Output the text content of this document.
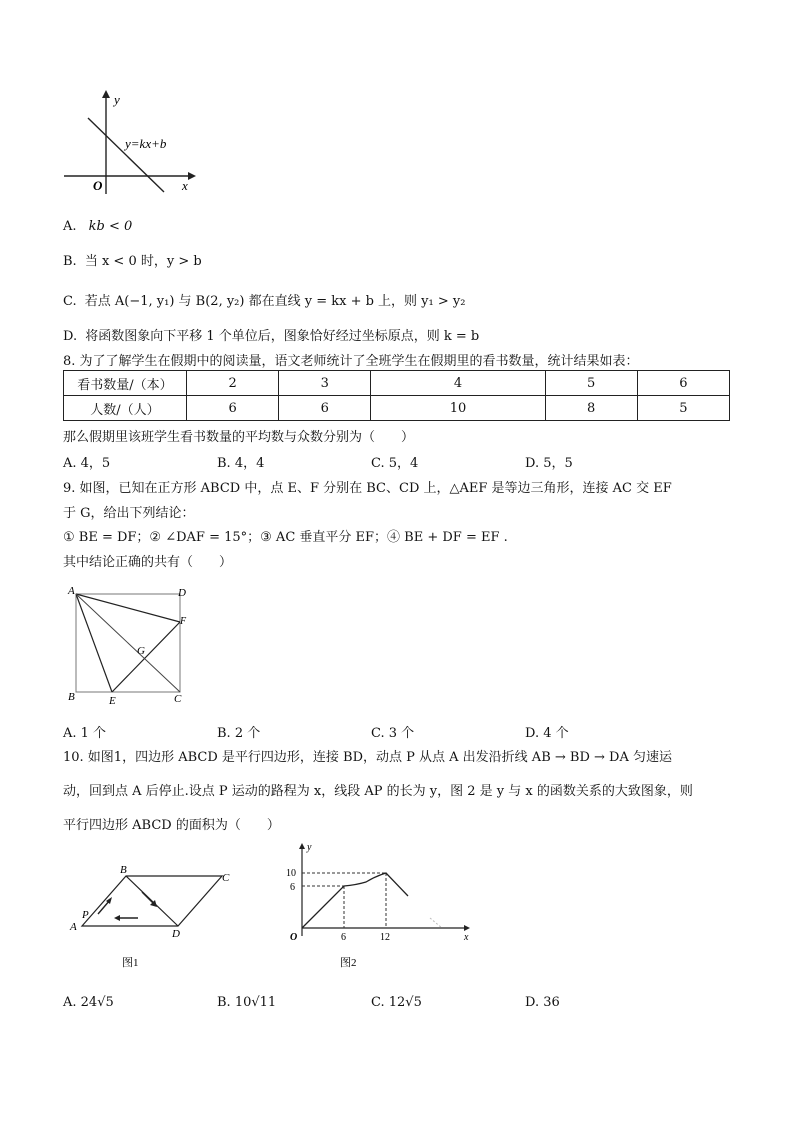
y
x
O
y=kx+b
A. kb < 0
B. 当 x < 0 时，y > b
C. 若点 A(−1, y₁) 与 B(2, y₂) 都在直线 y = kx + b 上，则 y₁ > y₂
D. 将函数图象向下平移 1 个单位后，图象恰好经过坐标原点，则 k = b
8. 为了了解学生在假期中的阅读量，语文老师统计了全班学生在假期里的看书数量，统计结果如表：
看书数量/（本）	2	3	4	5	6
人数/（人）	6	6	10	8	5
那么假期里该班学生看书数量的平均数与众数分别为（　　）
A. 4，5	B. 4，4	C. 5，4	D. 5，5
9. 如图，已知在正方形 ABCD 中，点 E、F 分别在 BC、CD 上，△AEF 是等边三角形，连接 AC 交 EF
于 G，给出下列结论：
① BE = DF；② ∠DAF = 15°；③ AC 垂直平分 EF；④ BE + DF = EF .
其中结论正确的共有（　　）
A	D
F
G
B	E	C
A. 1 个	B. 2 个	C. 3 个	D. 4 个
10. 如图1，四边形 ABCD 是平行四边形，连接 BD，动点 P 从点 A 出发沿折线 AB → BD → DA 匀速运
动，回到点 A 后停止.设点 P 运动的路程为 x，线段 AP 的长为 y，图 2 是 y 与 x 的函数关系的大致图象，则
平行四边形 ABCD 的面积为（　　）
A
P
B
C
D
图1
y
10
6
O	6	12	x
图2
A. 24√5	B. 10√11	C. 12√5	D. 36
